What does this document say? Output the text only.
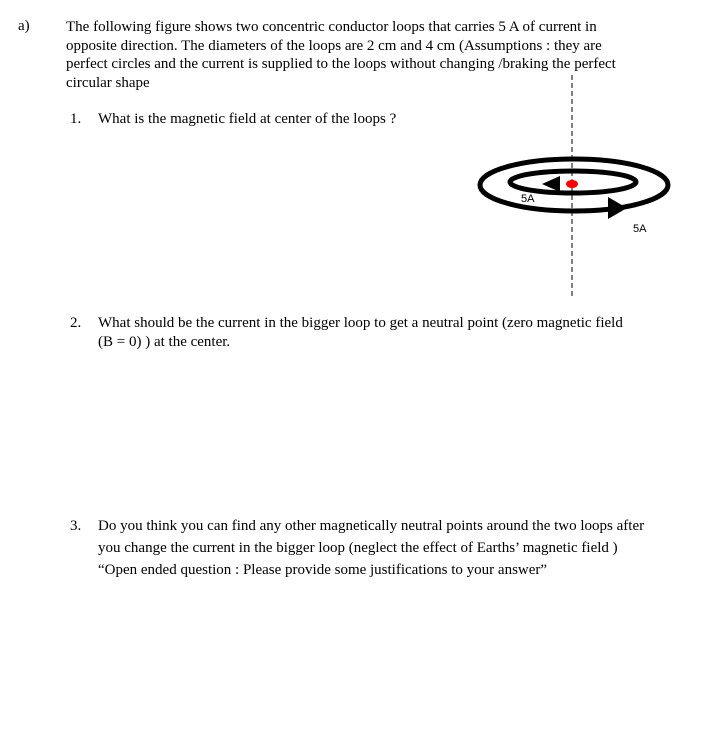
a) The following figure shows two concentric conductor loops that carries 5 A of current in opposite direction. The diameters of the loops are 2 cm and 4 cm (Assumptions : they are perfect circles and the current is supplied to the loops without changing /braking the perfect circular shape
1. What is the magnetic field at center of the loops ?
5A
5A
2. What should be the current in the bigger loop to get a neutral point (zero magnetic field (B = 0) ) at the center.
3. Do you think you can find any other magnetically neutral points around the two loops after you change the current in the bigger loop (neglect the effect of Earths’ magnetic field ) “Open ended question : Please provide some justifications to your answer”
